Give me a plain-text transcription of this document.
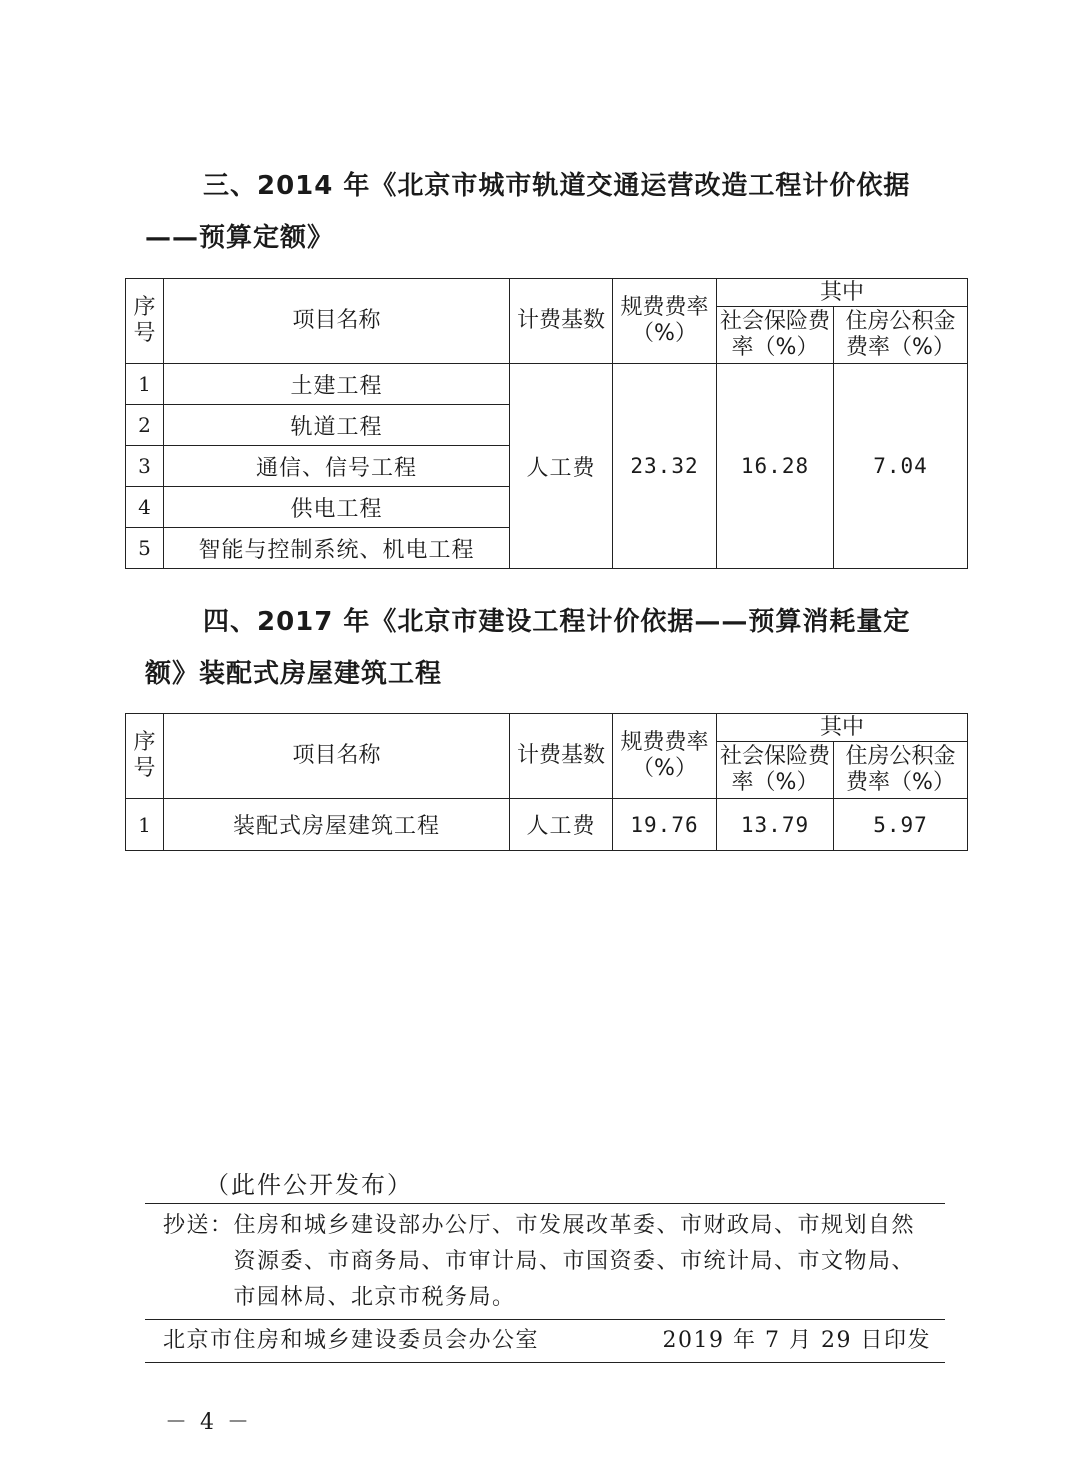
三、2014 年《北京市城市轨道交通运营改造工程计价依据
——预算定额》
序号	项目名称	计费基数	规费费率（%）	其中	
				社会保险费率（%）	住房公积金费率（%）
1	土建工程	人工费	23.32	16.28	7.04
2	轨道工程				
3	通信、信号工程				
4	供电工程				
5	智能与控制系统、机电工程				
四、2017 年《北京市建设工程计价依据——预算消耗量定
额》装配式房屋建筑工程
序号	项目名称	计费基数	规费费率（%）	其中	
				社会保险费率（%）	住房公积金费率（%）
1	装配式房屋建筑工程	人工费	19.76	13.79	5.97

（此件公开发布）

抄送： 住房和城乡建设部办公厅、市发展改革委、市财政局、市规划自然资源委、市商务局、市审计局、市国资委、市统计局、市文物局、市园林局、北京市税务局。
北京市住房和城乡建设委员会办公室	2019 年 7 月 29 日印发
－ 4 －
